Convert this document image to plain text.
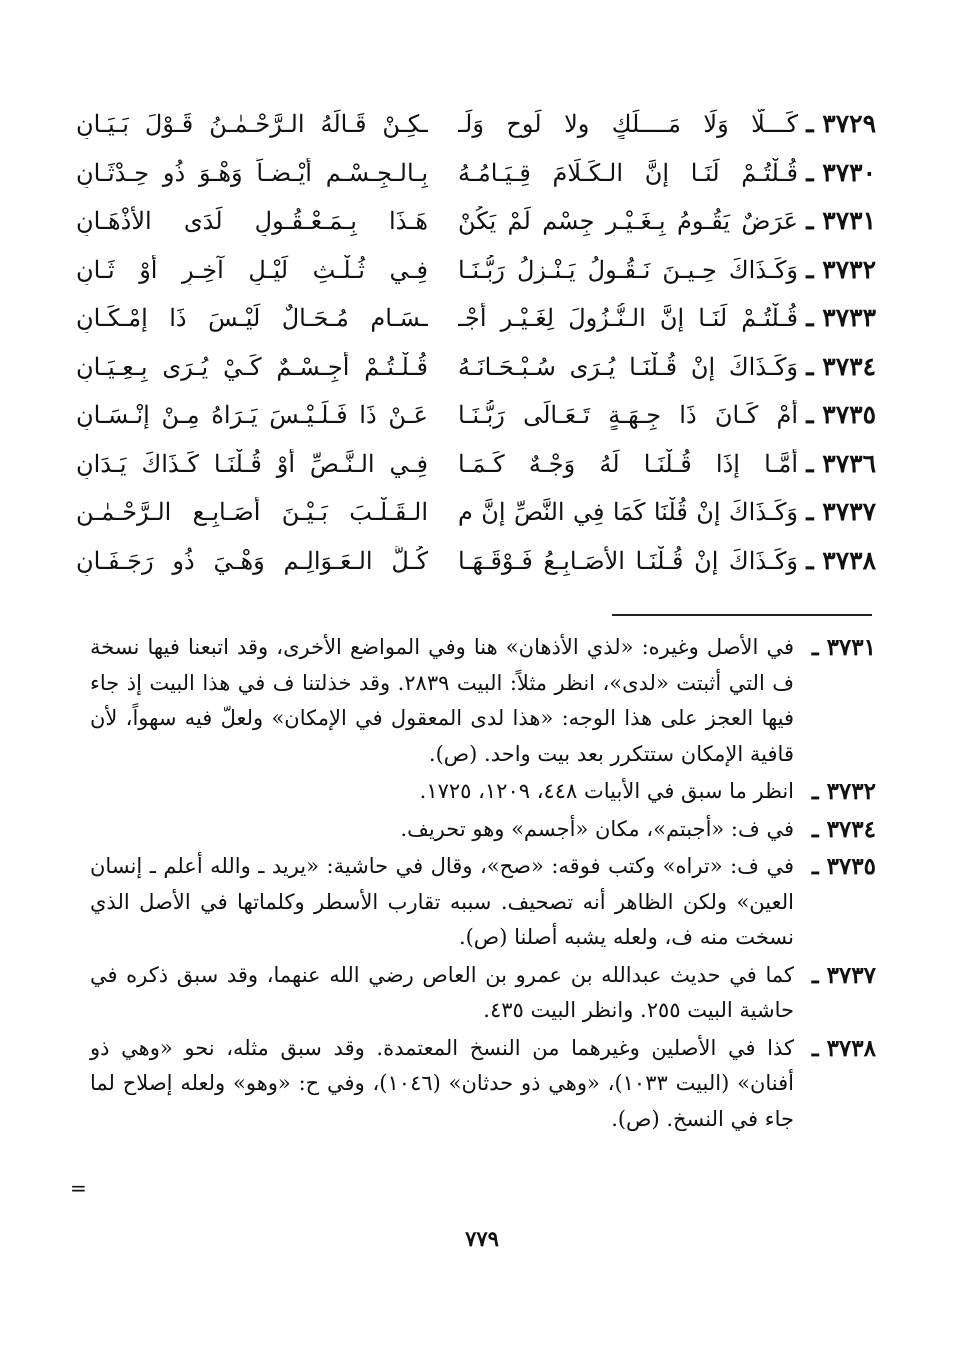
٣٧٢٩ ـ
كَـــلَّا وَلَا مَــــلَكٍ ولا لَوحٍ وَلَـ
ـكِـنْ قَـالَهُ الـرَّحْـمٰـنُ قَـوْلَ بَـيَـانِ
٣٧٣٠ ـ
قُـلْتُـمْ لَنَـا إِنَّ الـكَـلَامَ قِـيَـامُـهُ
بِـالـجِـسْـمِ أَيْـضـاً وَهْـوَ ذُو حِـدْثَـانِ
٣٧٣١ ـ
عَرَضٌ يَقُـومُ بِـغَـيْـرِ جِسْمٍ لَمْ يَكُنْ
هَـذَا بِـمَـعْـقُـولٍ لَدَى الأَذْهَـانِ
٣٧٣٢ ـ
وَكَـذَاكَ حِـيـنَ نَـقُـولُ يَـنْـزِلُ رَبُّـنَـا
فِـي ثُـلْـثِ لَيْـلٍ آخِـرٍ أَوْ ثَـانِ
٣٧٣٣ ـ
قُـلْتُـمْ لَنَـا إِنَّ الـنُّـزُولَ لِغَـيْـرِ أَجْـ
ـسَـامٍ مُـحَـالٌ لَيْـسَ ذَا إِمْـكَـانِ
٣٧٣٤ ـ
وَكَـذَاكَ إِنْ قُـلْنَـا يُـرَى سُـبْـحَـانَـهُ
قُـلْـتُـمْ أَجِـسْـمٌ كَـيْ يُـرَى بِـعِـيَـانِ
٣٧٣٥ ـ
أَمْ كَـانَ ذَا جِـهَـةٍ تَـعَـالَى رَبُّـنَـا
عَـنْ ذَا فَـلَـيْـسَ يَـرَاهُ مِـنْ إِنْـسَـانِ
٣٧٣٦ ـ
أَمَّـا إِذَا قُـلْنَـا لَهُ وَجْـهٌ كَـمَـا
فِـي الـنَّـصِّ أَوْ قُـلْنَـا كَـذَاكَ يَـدَانِ
٣٧٣٧ ـ
وَكَـذَاكَ إِنْ قُلْنَا كَمَا فِي النَّصِّ إِنَّ م
الـقَـلْـبَ بَـيْـنَ أَصَـابِـعِ الـرَّحْـمٰـنِ
٣٧٣٨ ـ
وَكَـذَاكَ إِنْ قُـلْنَـا الأَصَـابِـعُ فَـوْقَـهَـا
كُـلُّ الـعَـوَالِـمِ وَهْـيَ ذُو رَجَـفَـانِ
٣٧٣١ ـ
في الأصل وغيره: «لذي الأذهان» هنا وفي المواضع الأخرى، وقد اتبعنا فيها نسخة ف التي أثبتت «لدى»، انظر مثلاً: البيت ٢٨٣٩. وقد خذلتنا ف في هذا البيت إذ جاء فيها العجز على هذا الوجه: «هذا لدى المعقول في الإمكان» ولعلّ فيه سهواً، لأن قافية الإمكان ستتكرر بعد بيت واحد. (ص).
٣٧٣٢ ـ
انظر ما سبق في الأبيات ٤٤٨، ١٢٠٩، ١٧٢٥.
٣٧٣٤ ـ
في ف: «أجبتم»، مكان «أجسم» وهو تحريف.
٣٧٣٥ ـ
في ف: «تراه» وكتب فوقه: «صح»، وقال في حاشية: «يريد ـ والله أعلم ـ إنسان العين» ولكن الظاهر أنه تصحيف. سببه تقارب الأسطر وكلماتها في الأصل الذي نسخت منه ف، ولعله يشبه أصلنا (ص).
٣٧٣٧ ـ
كما في حديث عبدالله بن عمرو بن العاص رضي الله عنهما، وقد سبق ذكره في حاشية البيت ٢٥٥. وانظر البيت ٤٣٥.
٣٧٣٨ ـ
كذا في الأصلين وغيرهما من النسخ المعتمدة. وقد سبق مثله، نحو «وهي ذو أفنان» (البيت ١٠٣٣)، «وهي ذو حدثان» (١٠٤٦)، وفي ح: «وهو» ولعله إصلاح لما جاء في النسخ. (ص).
=
٧٧٩
